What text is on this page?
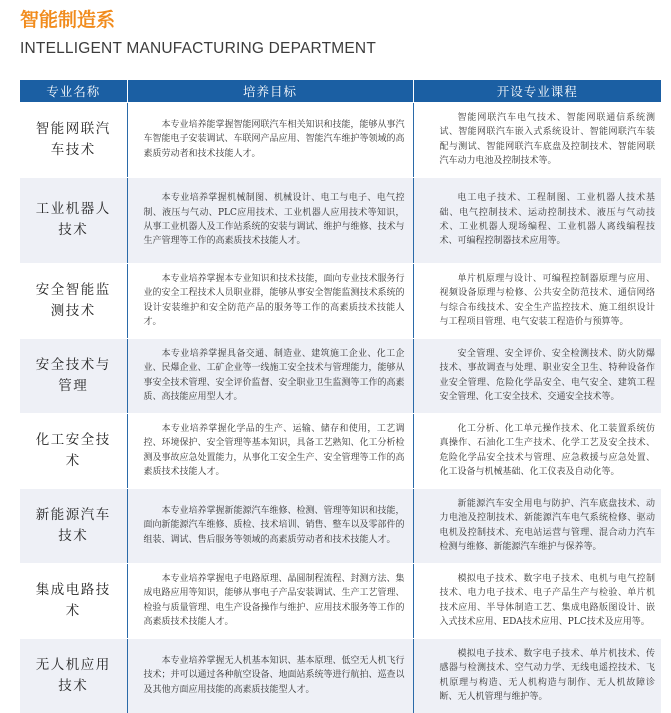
智能制造系
INTELLIGENT MANUFACTURING DEPARTMENT
专业名称	培养目标	开设专业课程
智能网联汽车技术	本专业培养能掌握智能网联汽车相关知识和技能，能够从事汽车智能电子安装调试、车联网产品应用、智能汽车维护等领域的高素质劳动者和技术技能人才。	智能网联汽车电气技术、智能网联通信系统测试、智能网联汽车嵌入式系统设计、智能网联汽车装配与测试、智能网联汽车底盘及控制技术、智能网联汽车动力电池及控制技术等。
工业机器人技术	本专业培养掌握机械制图、机械设计、电工与电子、电气控制、液压与气动、PLC应用技术、工业机器人应用技术等知识，从事工业机器人及工作站系统的安装与调试、维护与维修、技术与生产管理等工作的高素质技术技能人才。	电工电子技术、工程制图、工业机器人技术基础、电气控制技术、运动控制技术、液压与气动技术、工业机器人现场编程、工业机器人离线编程技术、可编程控制器技术应用等。
安全智能监测技术	本专业培养掌握本专业知识和技术技能，面向专业技术服务行业的安全工程技术人员职业群，能够从事安全智能监测技术系统的设计安装维护和安全防范产品的服务等工作的高素质技术技能人才。	单片机原理与设计、可编程控制器原理与应用、视频设备原理与检修、公共安全防范技术、通信网络与综合布线技术、安全生产监控技术、施工组织设计与工程项目管理、电气安装工程造价与预算等。
安全技术与管理	本专业培养掌握具备交通、制造业、建筑施工企业、化工企业、民爆企业、工矿企业等一线施工安全技术与管理能力，能够从事安全技术管理、安全评价监督、安全职业卫生监测等工作的高素质、高技能应用型人才。	安全管理、安全评价、安全检测技术、防火防爆技术、事故调查与处理、职业安全卫生、特种设备作业安全管理、危险化学品安全、电气安全、建筑工程安全管理、化工安全技术、交通安全技术等。
化工安全技术	本专业培养掌握化学品的生产、运输、储存和使用，工艺调控、环境保护、安全管理等基本知识，具备工艺熟知、化工分析检测及事故应急处置能力，从事化工安全生产、安全管理等工作的高素质技术技能人才。	化工分析、化工单元操作技术、化工装置系统仿真操作、石油化工生产技术、化学工艺及安全技术、危险化学品安全技术与管理、应急救援与应急处置、化工设备与机械基础、化工仪表及自动化等。
新能源汽车技术	本专业培养掌握新能源汽车维修、检测、管理等知识和技能，面向新能源汽车维修、质检、技术培训、销售、整车以及零部件的组装、调试、售后服务等领域的高素质劳动者和技术技能人才。	新能源汽车安全用电与防护、汽车底盘技术、动力电池及控制技术、新能源汽车电气系统检修、驱动电机及控制技术、充电站运营与管理、混合动力汽车检测与维修、新能源汽车维护与保养等。
集成电路技术	本专业培养掌握电子电路原理、晶圆制程流程、封测方法、集成电路应用等知识，能够从事电子产品安装调试、生产工艺管理、检验与质量管理、电生产设备操作与维护、应用技术服务等工作的高素质技术技能人才。	模拟电子技术、数字电子技术、电机与电气控制技术、电力电子技术、电子产品生产与检验、单片机技术应用、半导体制造工艺、集成电路版图设计、嵌入式技术应用、EDA技术应用、PLC技术及应用等。
无人机应用技术	本专业培养掌握无人机基本知识、基本原理、低空无人机飞行技术；并可以通过各种航空设备、地面站系统等进行航拍、巡查以及其他方面应用技能的高素质技能型人才。	模拟电子技术、数字电子技术、单片机技术、传感器与检测技术、空气动力学、无线电遥控技术、飞机原理与构造、无人机构造与制作、无人机故障诊断、无人机管理与维护等。
